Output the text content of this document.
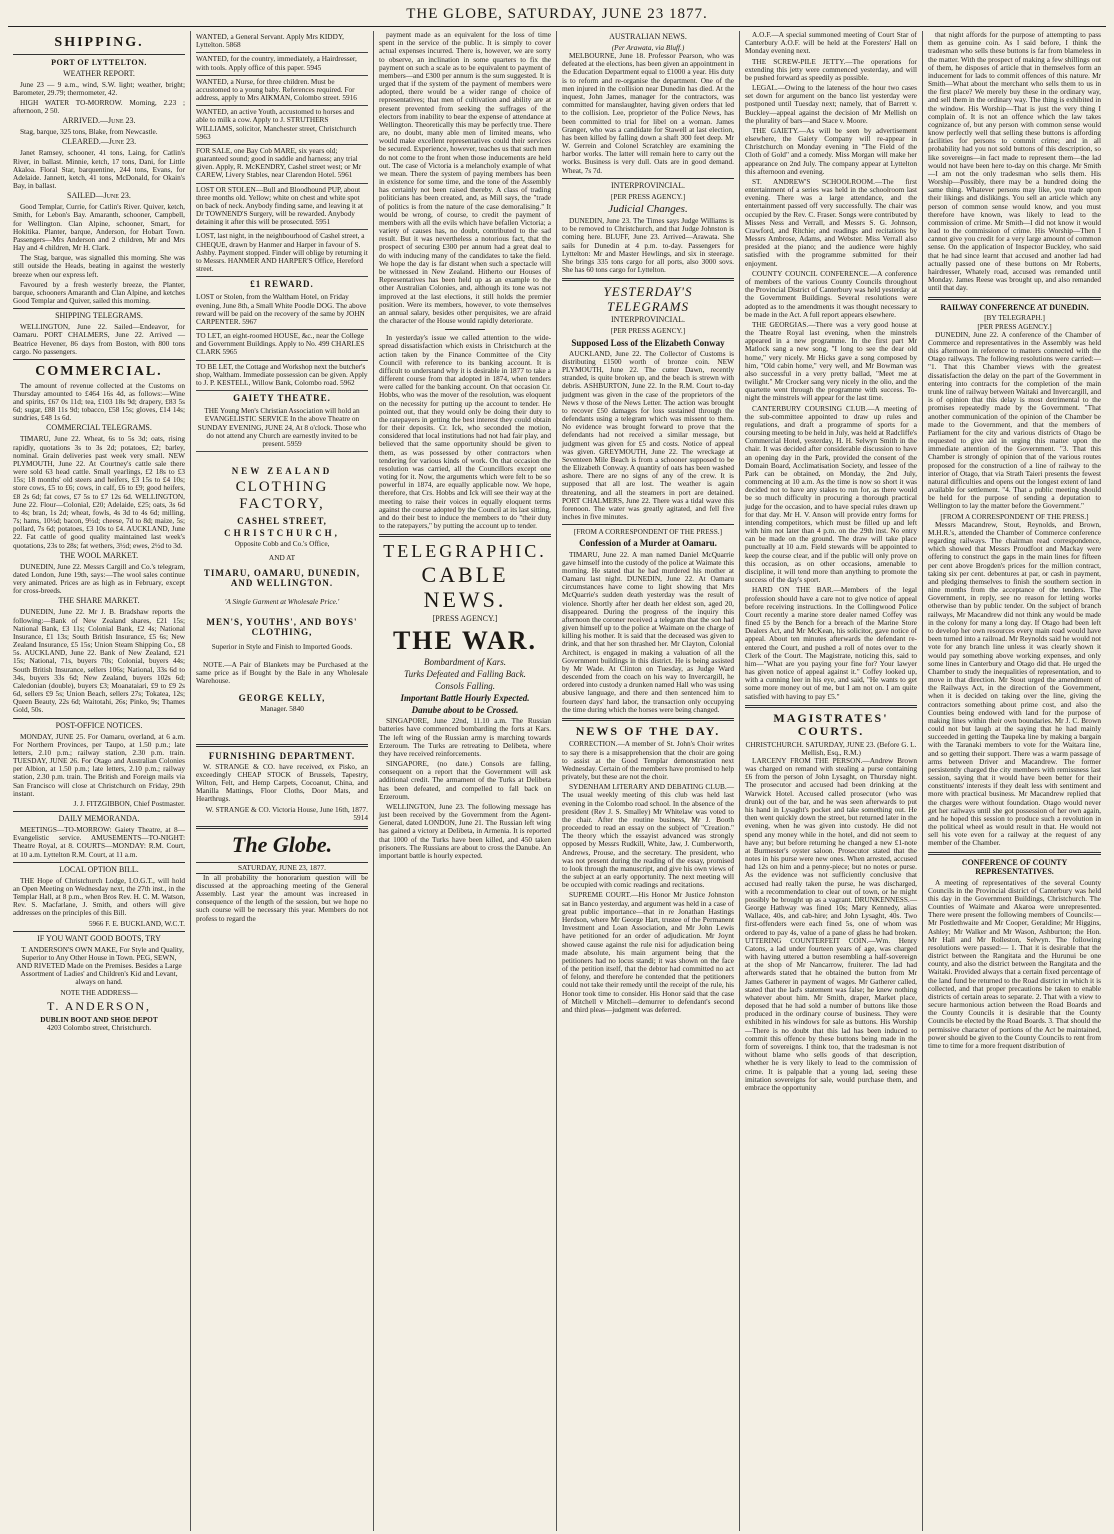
THE GLOBE, SATURDAY, JUNE 23 1877.
SHIPPING.
PORT OF LYTTELTON.
WEATHER REPORT.

June 23 — 9 a.m., wind, S.W. light; weather, bright; Barometer, 29.79; thermometer, 42.

HIGH WATER TO-MORROW. Morning, 2.23 ; afternoon, 2 50.

ARRIVED.—June 23.

Stag, barque, 325 tons, Blake, from Newcastle.

CLEARED.—June 23.

Janet Ramsey, schooner, 41 tons, Laing, for Catlin's River, in ballast. Minnie, ketch, 17 tons, Dani, for Little Akaloa. Floral Star, barquentine, 244 tons, Evans, for Adelaide. Jannett, ketch, 41 tons, McDonald, for Okain's Bay, in ballast.

SAILED—June 23.

Good Templar, Currie, for Catlin's River. Quiver, ketch, Smith, for Lebon's Bay. Amaranth, schooner, Campbell, for Wellington. Clan Alpine, schooner, Smart, for Hokitika. Planter, barque, Anderson, for Hobart Town. Passengers—Mrs Anderson and 2 children, Mr and Mrs Hay and 4 children, Mr H. Clark.

The Stag, barque, was signalled this morning. She was still outside the Heads, beating in against the westerly breeze when our express left.

Favoured by a fresh westerly breeze, the Planter, barque, schooners Amaranth and Clan Alpine, and ketches Good Templar and Quiver, sailed this morning.

SHIPPING TELEGRAMS.

WELLINGTON, June 22. Sailed—Endeavor, for Oamaru. PORT CHALMERS, June 22. Arrived — Beatrice Hevener, 86 days from Boston, with 800 tons cargo. No passengers.

COMMERCIAL.

The amount of revenue collected at the Customs on Thursday amounted to £464 16s 4d, as follows:—Wine and spirits, £67 0s 11d; tea, £103 18s 9d; drapery, £83 5s 6d; sugar, £88 11s 9d; tobacco, £58 15s; gloves, £14 14s; sundries, £48 1s 6d.

COMMERCIAL TELEGRAMS.

TIMARU, June 22. Wheat, 6s to 5s 3d; oats, rising rapidly, quotations 3s to 3s 2d; potatoes, £2; barley, nominal. Grain deliveries past week very small. NEW PLYMOUTH, June 22. At Courtney's cattle sale there were sold 63 head cattle. Small yearlings, £2 18s to £3 15s; 18 months' old steers and heifers, £3 15s to £4 10s; store cows, £5 to £6; cows, in calf, £6 to £9; good heifers, £8 2s 6d; fat cows, £7 5s to £7 12s 6d. WELLINGTON, June 22. Flour—Colonial, £20; Adelaide, £25; oats, 3s 6d to 4s; bran, 1s 2d; wheat, fowls, 4s 3d to 4s 6d; milling, 7s; hams, 10½d; bacon, 9½d; cheese, 7d to 8d; maize, 5s; pollard, 7s 6d; potatoes, £3 10s to £4. AUCKLAND, June 22. Fat cattle of good quality maintained last week's quotations, 23s to 28s; fat wethers, 3½d; ewes, 2½d to 3d.

THE WOOL MARKET.

DUNEDIN, June 22. Messrs Cargill and Co.'s telegram, dated London, June 19th, says:—The wool sales continue very animated. Prices are as high as in February, except for cross-breeds.

THE SHARE MARKET.

DUNEDIN, June 22. Mr J. B. Bradshaw reports the following:—Bank of New Zealand shares, £21 15s; National Bank, £3 11s; Colonial Bank, £2 4s; National Insurance, £1 13s; South British Insurance, £5 6s; New Zealand Insurance, £5 15s; Union Steam Shipping Co., £8 5s. AUCKLAND, June 22. Bank of New Zealand, £21 15s; National, 71s, buyers 70s; Colonial, buyers 44s; South British Insurance, sellers 106s; National, 33s 6d to 34s, buyers 33s 6d; New Zealand, buyers 102s 6d; Caledonian (double), buyers £3; Moanataiari, £9 to £9 2s 6d, sellers £9 5s; Union Beach, sellers 27s; Tokatea, 12s; Queen Beauty, 22s 6d; Waitotahi, 26s; Pinko, 9s; Thames Gold, 50s.

POST-OFFICE NOTICES.

MONDAY, JUNE 25. For Oamaru, overland, at 6 a.m. For Northern Provinces, per Taupo, at 1.50 p.m.; late letters, 2.10 p.m.; railway station, 2.30 p.m. train. TUESDAY, JUNE 26. For Otago and Australian Colonies per Albion, at 1.50 p.m.; late letters, 2.10 p.m.; railway station, 2.30 p.m. train. The British and Foreign mails via San Francisco will close at Christchurch on Friday, 29th instant.

J. J. FITZGIBBON, Chief Postmaster.
DAILY MEMORANDA.

MEETINGS—TO-MORROW: Gaiety Theatre, at 8—Evangelistic service. AMUSEMENTS—TO-NIGHT: Theatre Royal, at 8. COURTS—MONDAY: R.M. Court, at 10 a.m. Lyttelton R.M. Court, at 11 a.m.

LOCAL OPTION BILL.

THE Hope of Christchurch Lodge, I.O.G.T., will hold an Open Meeting on Wednesday next, the 27th inst., in the Templar Hall, at 8 p.m., when Bros Rev. H. C. M. Watson, Rev. S. Macfarlane, J. Smith, and others will give addresses on the principles of this Bill.

5966 F. E. BUCKLAND, W.C.T.
IF YOU WANT GOOD BOOTS, TRY

T. ANDERSON'S OWN MAKE, For Style and Quality, Superior to Any Other House in Town. PEG, SEWN, AND RIVETED Made on the Premises. Besides a Large Assortment of Ladies' and Children's Kid and Levant, always on hand.

NOTE THE ADDRESS—
T. ANDERSON,
DUBLIN BOOT AND SHOE DEPOT
4203 Colombo street, Christchurch.
WANTED, a General Servant. Apply Mrs KIDDY, Lyttelton. 5868
WANTED, for the country, immediately, a Hairdresser, with tools. Apply office of this paper. 5945
WANTED, a Nurse, for three children. Must be accustomed to a young baby. References required. For address, apply to Mrs AIKMAN, Colombo street. 5916
WANTED, an active Youth, accustomed to horses and able to milk a cow. Apply to J. STRUTHERS WILLIAMS, solicitor, Manchester street, Christchurch 5963
FOR SALE, one Bay Cob MARE, six years old; guaranteed sound; good in saddle and harness; any trial given. Apply, R. McKENDRY, Cashel street west; or Mr CAREW, Livery Stables, near Clarendon Hotel. 5961
LOST OR STOLEN—Bull and Bloodhound PUP, about three months old. Yellow; white on chest and white spot on back of neck. Anybody finding same, and leaving it at Dr TOWNEND'S Surgery, will be rewarded. Anybody detaining it after this will be prosecuted. 5951
LOST, last night, in the neighbourhood of Cashel street, a CHEQUE, drawn by Hanmer and Harper in favour of S. Ashby. Payment stopped. Finder will oblige by returning it to Messrs. HANMER AND HARPER'S Office, Hereford street.
£1 REWARD.
LOST or Stolen, from the Waltham Hotel, on Friday evening, June 8th, a Small White Poodle DOG. The above reward will be paid on the recovery of the same by JOHN CARPENTER. 5967
TO LET, an eight-roomed HOUSE, &c., near the College and Government Buildings. Apply to No. 499 CHARLES CLARK 5965
TO BE LET, the Cottage and Workshop next the butcher's shop, Waltham. Immediate possession can be given. Apply to J. P. KESTELL, Willow Bank, Colombo road. 5962
GAIETY THEATRE.
THE Young Men's Christian Association will hold an EVANGELISTIC SERVICE In the above Theatre on SUNDAY EVENING, JUNE 24, At 8 o'clock. Those who do not attend any Church are earnestly invited to be present. 5959
NEW ZEALAND
CLOTHING FACTORY,
CASHEL STREET,
CHRISTCHURCH,
Opposite Cobb and Co.'s Office,
AND AT
TIMARU, OAMARU, DUNEDIN, AND WELLINGTON.
'A Single Garment at Wholesale Price.'
MEN'S, YOUTHS', AND BOYS' CLOTHING,
Superior in Style and Finish to Imported Goods.

NOTE.—A Pair of Blankets may be Purchased at the same price as if Bought by the Bale in any Wholesale Warehouse.

GEORGE KELLY,
Manager. 5840
FURNISHING DEPARTMENT.

W. STRANGE & CO. have received, ex Pisko, an exceedingly CHEAP STOCK of Brussels, Tapestry, Wilton, Felt, and Hemp Carpets, Cocoanut, China, and Manilla Mattings, Floor Cloths, Door Mats, and Hearthrugs.

W. STRANGE & CO. Victoria House, June 16th, 1877. 5914
The Globe.
SATURDAY, JUNE 23, 1877.

In all probability the honorarium question will be discussed at the approaching meeting of the General Assembly. Last year the amount was increased in consequence of the length of the session, but we hope no such course will be necessary this year. Members do not profess to regard the

payment made as an equivalent for the loss of time spent in the service of the public. It is simply to cover actual expenses incurred. There is, however, we are sorry to observe, an inclination in some quarters to fix the payment on such a scale as to be equivalent to payment of members—and £300 per annum is the sum suggested. It is urged that if the system of the payment of members were adopted, there would be a wider range of choice of representatives; that men of cultivation and ability are at present prevented from seeking the suffrages of the electors from inability to bear the expense of attendance at Wellington. Theoretically this may be perfectly true. There are, no doubt, many able men of limited means, who would make excellent representatives could their services be secured. Experience, however, teaches us that such men do not come to the front when those inducements are held out. The case of Victoria is a melancholy example of what we mean. There the system of paying members has been in existence for some time, and the tone of the Assembly has certainly not been raised thereby. A class of trading politicians has been created, and, as Mill says, the "trade of politics is from the nature of the case demoralising." It would be wrong, of course, to credit the payment of members with all the evils which have befallen Victoria; a variety of causes has, no doubt, contributed to the sad result. But it was nevertheless a notorious fact, that the prospect of securing £300 per annum had a great deal to do with inducing many of the candidates to take the field. We hope the day is far distant when such a spectacle will be witnessed in New Zealand. Hitherto our Houses of Representatives has been held up as an example to the other Australian Colonies, and, although its tone was not improved at the last elections, it still holds the premier position. Were its members, however, to vote themselves an annual salary, besides other perquisites, we are afraid the character of the House would rapidly deteriorate.

In yesterday's issue we called attention to the wide-spread dissatisfaction which exists in Christchurch at the action taken by the Finance Committee of the City Council with reference to its banking account. It is difficult to understand why it is desirable in 1877 to take a different course from that adopted in 1874, when tenders were called for the banking account. On that occasion Cr. Hobbs, who was the mover of the resolution, was eloquent on the necessity for putting up the account to tender. He pointed out, that they would only be doing their duty to the ratepayers in getting the best interest they could obtain for their deposits. Cr. Ick, who seconded the motion, considered that local institutions had not had fair play, and believed that the same opportunity should be given to them, as was possessed by other contractors when tendering for various kinds of work. On that occasion the resolution was carried, all the Councillors except one voting for it. Now, the arguments which were felt to be so powerful in 1874, are equally applicable now. We hope, therefore, that Crs. Hobbs and Ick will see their way at the meeting to raise their voices in equally eloquent terms against the course adopted by the Council at its last sitting, and do their best to induce the members to do "their duty to the ratepayers," by putting the account up to tender.

TELEGRAPHIC.
CABLE NEWS.
[PRESS AGENCY.]
THE WAR.
Bombardment of Kars.
Turks Defeated and Falling Back.
Consols Falling.
Important Battle Hourly Expected.
Danube about to be Crossed.

SINGAPORE, June 22nd, 11.10 a.m. The Russian batteries have commenced bombarding the forts at Kars. The left wing of the Russian army is marching towards Erzeroum. The Turks are retreating to Delibeta, where they have received reinforcements.

SINGAPORE, (no date.) Consols are falling, consequent on a report that the Government will ask additional credit. The armament of the Turks at Delibeta has been defeated, and compelled to fall back on Erzeroum.

WELLINGTON, June 23. The following message has just been received by the Government from the Agent-General, dated LONDON, June 21. The Russian left wing has gained a victory at Delibeta, in Armenia. It is reported that 1000 of the Turks have been killed, and 450 taken prisoners. The Russians are about to cross the Danube. An important battle is hourly expected.

AUSTRALIAN NEWS.
(Per Arawata, via Bluff.)

MELBOURNE, June 18. Professor Pearson, who was defeated at the elections, has been given an appointment in the Education Department equal to £1000 a year. His duty is to reform and re-organise the department. One of the men injured in the collision near Dunedin has died. At the inquest, John James, manager for the contractors, was committed for manslaughter, having given orders that led to the collision. Lee, proprietor of the Police News, has been committed to trial for libel on a woman. James Granger, who was a candidate for Stawell at last election, has been killed by falling down a shaft 300 feet deep. Mr W. Gerrein and Colonel Scratchley are examining the harbor works. The latter will remain here to carry out the works. Business is very dull. Oats are in good demand. Wheat, 7s 7d.

INTERPROVINCIAL.
[PER PRESS AGENCY.]
Judicial Changes.

DUNEDIN, June 23. The Times says Judge Williams is to be removed to Christchurch, and that Judge Johnston is coming here. BLUFF, June 23. Arrived—Arawata. She sails for Dunedin at 4 p.m. to-day. Passengers for Lyttelton: Mr and Master Hewlings, and six in steerage. She brings 335 tons cargo for all ports, also 3000 sovs. She has 60 tons cargo for Lyttelton.

YESTERDAY'S TELEGRAMS
INTERPROVINCIAL.
[PER PRESS AGENCY.]
Supposed Loss of the Elizabeth Conway

AUCKLAND, June 22. The Collector of Customs is distributing £1500 worth of bronze coin. NEW PLYMOUTH, June 22. The cutter Dawn, recently stranded, is quite broken up, and the beach is strewn with debris. ASHBURTON, June 22. In the R.M. Court to-day judgment was given in the case of the proprietors of the News v those of the News Letter. The action was brought to recover £50 damages for loss sustained through the defendants using a telegram which was missent to them. No evidence was brought forward to prove that the defendants had not received a similar message, but judgment was given for £5 and costs. Notice of appeal was given. GREYMOUTH, June 22. The wreckage at Seventeen Mile Beach is from a schooner supposed to be the Elizabeth Conway. A quantity of oats has been washed ashore. There are no signs of any of the crew. It is supposed that all are lost. The weather is again threatening, and all the steamers in port are detained. PORT CHALMERS, June 22. There was a tidal wave this forenoon. The water was greatly agitated, and fell five inches in five minutes.

[FROM A CORRESPONDENT OF THE PRESS.]
Confession of a Murder at Oamaru.

TIMARU, June 22. A man named Daniel McQuarrie gave himself into the custody of the police at Waimate this morning. He stated that he had murdered his mother at Oamaru last night. DUNEDIN, June 22. At Oamaru circumstances have come to light showing that Mrs McQuarrie's sudden death yesterday was the result of violence. Shortly after her death her eldest son, aged 20, disappeared. During the progress of the inquiry this afternoon the coroner received a telegram that the son had given himself up to the police at Waimate on the charge of killing his mother. It is said that the deceased was given to drink, and that her son thrashed her. Mr Clayton, Colonial Architect, is engaged in making a valuation of all the Government buildings in this district. He is being assisted by Mr Wade. At Clinton on Tuesday, as Judge Ward descended from the coach on his way to Invercargill, he ordered into custody a drunken named Hall who was using abusive language, and there and then sentenced him to fourteen days' hard labor, the transaction only occupying the time during which the horses were being changed.

NEWS OF THE DAY.

CORRECTION.—A member of St. John's Choir writes to say there is a misapprehension that the choir are going to assist at the Good Templar demonstration next Wednesday. Certain of the members have promised to help privately, but these are not the choir.

SYDENHAM LITERARY AND DEBATING CLUB.—The usual weekly meeting of this club was held last evening in the Colombo road school. In the absence of the president (Rev J. S. Smalley) Mr Whitelaw was voted to the chair. After the routine business, Mr J. Booth proceeded to read an essay on the subject of "Creation." The theory which the essayist advanced was strongly opposed by Messrs Rudkill, White, Jaw, J. Cumberworth, Andrews, Prouse, and the secretary. The president, who was not present during the reading of the essay, promised to look through the manuscript, and give his own views of the subject at an early opportunity. The next meeting will be occupied with comic readings and recitations.

SUPREME COURT.—His Honor Mr Justice Johnston sat in Banco yesterday, and argument was held in a case of great public importance—that in re Jonathan Hastings Herdson, where Mr George Hart, trustee of the Permanent Investment and Loan Association, and Mr John Lewis have petitioned for an order of adjudication. Mr Joynt showed cause against the rule nisi for adjudication being made absolute, his main argument being that the petitioners had no locus standi; it was shown on the face of the petition itself, that the debtor had committed no act of felony, and therefore he contended that the petitioners could not take their remedy until the receipt of the rule, his Honor took time to consider. His Honor said that the case of Mitchell v Mitchell—demurrer to defendant's second and third pleas—judgment was deferred.

A.O.F.—A special summoned meeting of Court Star of Canterbury A.O.F. will be held at the Foresters' Hall on Monday evening next.

THE SCREW-PILE JETTY.—The operations for extending this jetty were commenced yesterday, and will be pushed forward as speedily as possible.

LEGAL.—Owing to the lateness of the hour two cases set down for argument on the banco list yesterday were postponed until Tuesday next; namely, that of Barrett v. Buckley—appeal against the decision of Mr Mellish on the plurality of bars—and Stace v. Moore.

THE GAIETY.—As will be seen by advertisement elsewhere, the Gaiety Company will re-appear in Christchurch on Monday evening in "The Field of the Cloth of Gold" and a comedy. Miss Morgan will make her appearance on 2nd July. The company appear at Lyttelton this afternoon and evening.

ST. ANDREW'S SCHOOLROOM.—The first entertainment of a series was held in the schoolroom last evening. There was a large attendance, and the entertainment passed off very successfully. The chair was occupied by the Rev. C. Fraser. Songs were contributed by Misses Ness and Verrall, and Messrs S. G. Johnson, Crawford, and Ritchie; and readings and recitations by Messrs Ambrose, Adams, and Webster. Miss Verrall also presided at the piano; and the audience were highly satisfied with the programme submitted for their enjoyment.

COUNTY COUNCIL CONFERENCE.—A conference of members of the various County Councils throughout the Provincial District of Canterbury was held yesterday at the Government Buildings. Several resolutions were adopted as to the amendments it was thought necessary to be made in the Act. A full report appears elsewhere.

THE GEORGIAS.—There was a very good house at the Theatre Royal last evening, when the minstrels appeared in a new programme. In the first part Mr Matlock sang a new song, "I long to see the dear old home," very nicely. Mr Hicks gave a song composed by him, "Old cabin home," very well, and Mr Bowman was also successful in a very pretty ballad, "Meet me at twilight." Mr Crocker sang very nicely in the olio, and the quartette went through the programme with success. To-night the minstrels will appear for the last time.

CANTERBURY COURSING CLUB.—A meeting of the sub-committee appointed to draw up rules and regulations, and draft a programme of sports for a coursing meeting to be held in July, was held at Radcliffe's Commercial Hotel, yesterday, H. H. Selwyn Smith in the chair. It was decided after considerable discussion to have an opening day in the Park, provided the consent of the Domain Board, Acclimatisation Society, and lessee of the Park can be obtained, on Monday, the 2nd July, commencing at 10 a.m. As the time is now so short it was decided not to have any stakes to run for, as there would be so much difficulty in procuring a thorough practical judge for the occasion, and to have special rules drawn up for that day. Mr H. V. Anson will provide entry forms for intending competitors, which must be filled up and left with him not later than 4 p.m. on the 29th inst. No entry can be made on the ground. The draw will take place punctually at 10 a.m. Field stewards will be appointed to keep the course clear, and if the public will only prove on this occasion, as on other occasions, amenable to discipline, it will tend more than anything to promote the success of the day's sport.

HARD ON THE BAR.—Members of the legal profession should have a care not to give notice of appeal before receiving instructions. In the Collingwood Police Court recently a marine store dealer named Coffey was fined £5 by the Bench for a breach of the Marine Store Dealers Act, and Mr McKean, his solicitor, gave notice of appeal. About ten minutes afterwards the defendant re-entered the Court, and pushed a roll of notes over to the Clerk of the Court. The Magistrate, noticing this, said to him—"What are you paying your fine for? Your lawyer has given notice of appeal against it." Coffey looked up, with a cunning leer in his eye, and said, "He wants to get some more money out of me, but I am not on. I am quite satisfied with having to pay £5."

MAGISTRATES' COURTS.
CHRISTCHURCH. SATURDAY, JUNE 23. (Before G. L. Mellish, Esq., R.M.)

LARCENY FROM THE PERSON.—Andrew Brown was charged on remand with stealing a purse containing £6 from the person of John Lysaght, on Thursday night. The prosecutor and accused had been drinking at the Warwick Hotel. Accused called prosecutor (who was drunk) out of the bar, and he was seen afterwards to put his hand in Lysaght's pocket and take something out. He then went quickly down the street, but returned later in the evening, when he was given into custody. He did not spend any money while in the hotel, and did not seem to have any; but before returning he changed a new £1-note at Burmester's oyster saloon. Prosecutor stated that the notes in his purse were new ones. When arrested, accused had 12s on him and a penny-piece; but no notes or purse. As the evidence was not sufficiently conclusive that accused had really taken the purse, he was discharged, with a recommendation to clear out of town, or he might possibly be brought up as a vagrant. DRUNKENNESS.—George Hathway was fined 10s; Mary Kennedy, alias Wallace, 40s, and cab-hire; and John Lysaght, 40s. Two first-offenders were each fined 5s, one of whom was ordered to pay 4s, value of a pane of glass he had broken. UTTERING COUNTERFEIT COIN.—Wm. Henry Catons, a lad under fourteen years of age, was charged with having uttered a button resembling a half-sovereign at the shop of Mr Nancarrow, fruiterer. The lad had afterwards stated that he obtained the button from Mr James Gatherer in payment of wages. Mr Gatherer called, stated that the lad's statement was false; he knew nothing whatever about him. Mr Smith, draper, Market place, deposed that he had sold a number of buttons like those produced in the ordinary course of business. They were exhibited in his windows for sale as buttons. His Worship—There is no doubt that this lad has been induced to commit this offence by these buttons being made in the form of sovereigns. I think too, that the tradesman is not without blame who sells goods of that description, whether he is very likely to lead to the commission of crime. It is palpable that a young lad, seeing these imitation sovereigns for sale, would purchase them, and embrace the opportunity

that night affords for the purpose of attempting to pass them as genuine coin. As I said before, I think the tradesman who sells these buttons is far from blameless in the matter. With the prospect of making a few shillings out of them, he disposes of article that in themselves form an inducement for lads to commit offences of this nature. Mr Smith—What about the merchant who sells them to us in the first place? We merely buy these in the ordinary way, and sell them in the ordinary way. The thing is exhibited in the window. His Worship—That is just the very thing I complain of. It is not an offence which the law takes cognizance of, but any person with common sense would know perfectly well that selling these buttons is affording facilities for persons to commit crime; and in all probability had you not sold buttons of this description, so like sovereigns—in fact made to represent them—the lad would not have been here to-day on this charge. Mr Smith—I am not the only tradesman who sells them. His Worship—Possibly, there may be a hundred doing the same thing. Whatever persons may like, you trade upon their likings and dislikings. You sell an article which any person of common sense would know, and you must therefore have known, was likely to lead to the commission of crime. Mr Smith—I did not know it would lead to the commission of crime. His Worship—Then I cannot give you credit for a very large amount of common sense. On the application of Inspector Buckley, who said that he had since learnt that accused and another lad had actually passed one of these buttons on Mr Roberts, hairdresser, Whately road, accused was remanded until Monday. James Reese was brought up, and also remanded until that day.

RAILWAY CONFERENCE AT DUNEDIN.
[BY TELEGRAPH.]
[PER PRESS AGENCY.]

DUNEDIN, June 22. A conference of the Chamber of Commerce and representatives in the Assembly was held this afternoon in reference to matters connected with the Otago railways. The following resolutions were carried:— "1. That this Chamber views with the greatest dissatisfaction the delay on the part of the Government in entering into contracts for the completion of the main trunk line of railway between Waitaki and Invercargill, and is of opinion that this delay is most detrimental to the promises repeatedly made by the Government. "That another communication of the opinion of the Chamber be made to the Government, and that the members of Parliament for the city and various districts of Otago be requested to give aid in urging this matter upon the immediate attention of the Government. "3. That this Chamber is strongly of opinion that of the various routes proposed for the construction of a line of railway to the interior of Otago, that via Strath Taieri presents the fewest natural difficulties and opens out the longest extent of land available for settlement. "4. That a public meeting should be held for the purpose of sending a deputation to Wellington to lay the matter before the Government."

[FROM A CORRESPONDENT OF THE PRESS.]

Messrs Macandrew, Stout, Reynolds, and Brown, M.H.R.'s, attended the Chamber of Commerce conference regarding railways. The chairman read correspondence, which showed that Messrs Proudfoot and Mackay were offering to construct the gaps in the main lines for fifteen per cent above Brogden's prices for the million contract, taking six per cent. debentures at par, or cash in payment, and pledging themselves to finish the southern section in nine months from the acceptance of the tenders. The Government, in reply, see no reason for letting works otherwise than by public tender. On the subject of branch railways, Mr Macandrew did not think any would be made in the colony for many a long day. If Otago had been left to develop her own resources every main road would have been turned into a railroad. Mr Reynolds said he would not vote for any branch line unless it was clearly shown it would pay something above working expenses, and only some lines in Canterbury and Otago did that. He urged the Chamber to study the inequalities of representation, and to move in that direction. Mr Stout urged the amendment of the Railways Act, in the direction of the Government, when it is decided on taking over the line, giving the contractors something about prime cost, and also the Counties being endowed with land for the purpose of making lines within their own boundaries. Mr J. C. Brown could not but laugh at the saying that he had mainly succeeded in getting the Taupeka line by making a bargain with the Taranaki members to vote for the Waitara line, and so getting their support. There was a warm passage of arms between Driver and Macandrew. The former persistently charged the city members with remissness last session, saying that it would have been better for their constituents' interests if they dealt less with sentiment and more with practical business. Mr Macandrew replied that the charges were without foundation. Otago would never get her railways until she got possession of her own again, and he hoped this session to produce such a revolution in the political wheel as would result in that. He would not sell his vote even for a railway at the request of any member of the Chamber.

CONFERENCE OF COUNTY REPRESENTATIVES.

A meeting of representatives of the several County Councils in the Provincial district of Canterbury was held this day in the Government Buildings, Christchurch. The Counties of Waimate and Akaroa were unrepresented. There were present the following members of Councils:—Mr Postlethwaite and Mr Cooper, Geraldine; Mr Higgins, Ashley; Mr Walker and Mr Wason, Ashburton; the Hon. Mr Hall and Mr Rolleston, Selwyn. The following resolutions were passed:— 1. That it is desirable that the district between the Rangitata and the Hurunui be one county, and also the district between the Rangitata and the Waitaki. Provided always that a certain fixed percentage of the land fund be returned to the Road district in which it is collected, and that proper precautions be taken to enable districts of certain areas to separate. 2. That with a view to secure harmonious action between the Road Boards and the County Councils it is desirable that the County Councils be elected by the Road Boards. 3. That should the permissive character of portions of the Act be maintained, power should be given to the County Councils to rent from time to time for a more frequent distribution of
